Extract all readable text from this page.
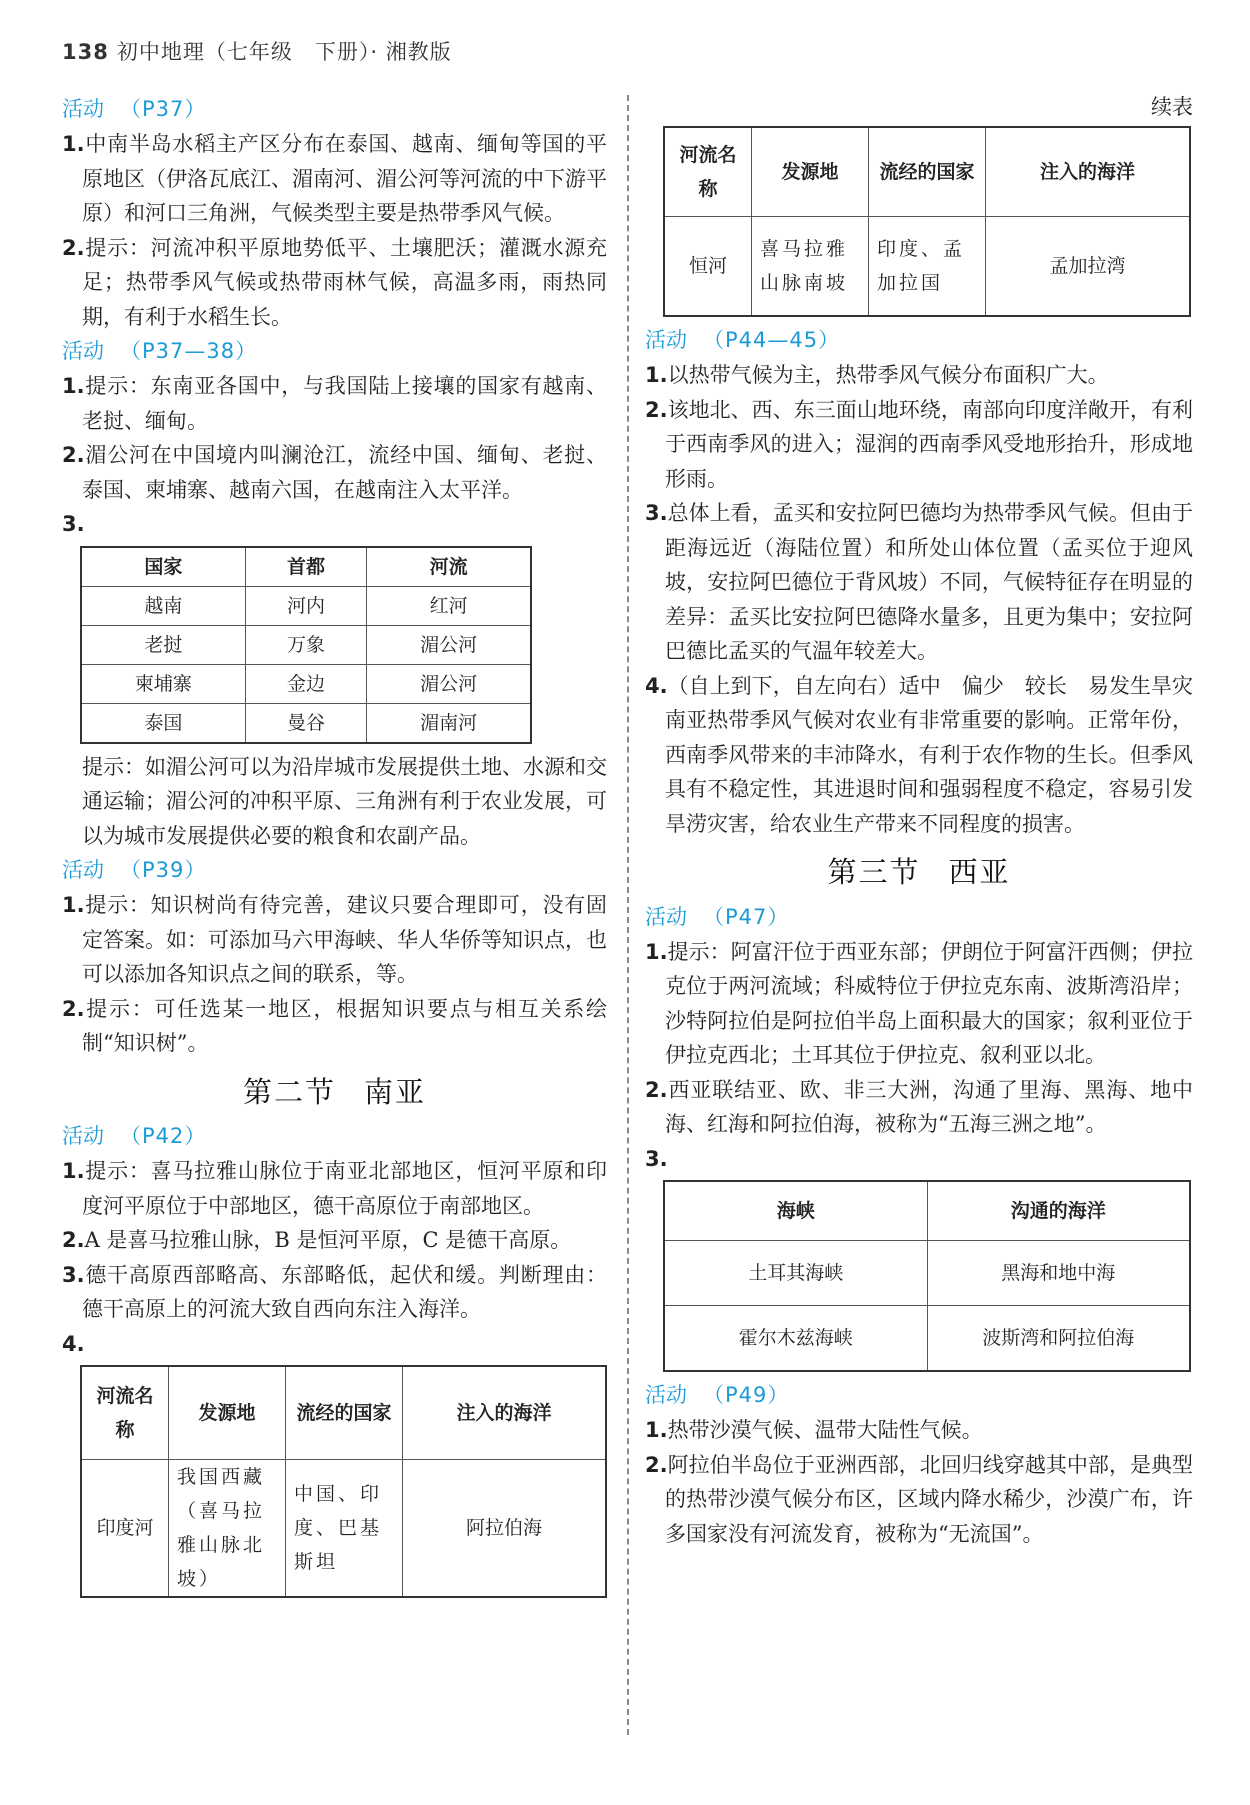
138 初中地理（七年级　下册）· 湘教版
活动 （P37）
1.中南半岛水稻主产区分布在泰国、越南、缅甸等国的平原地区（伊洛瓦底江、湄南河、湄公河等河流的中下游平原）和河口三角洲，气候类型主要是热带季风气候。
2.提示：河流冲积平原地势低平、土壤肥沃；灌溉水源充足；热带季风气候或热带雨林气候，高温多雨，雨热同期，有利于水稻生长。
活动 （P37—38）
1.提示：东南亚各国中，与我国陆上接壤的国家有越南、老挝、缅甸。
2.湄公河在中国境内叫澜沧江，流经中国、缅甸、老挝、泰国、柬埔寨、越南六国，在越南注入太平洋。
3.
国家	首都	河流
越南	河内	红河
老挝	万象	湄公河
柬埔寨	金边	湄公河
泰国	曼谷	湄南河
提示：如湄公河可以为沿岸城市发展提供土地、水源和交通运输；湄公河的冲积平原、三角洲有利于农业发展，可以为城市发展提供必要的粮食和农副产品。
活动 （P39）
1.提示：知识树尚有待完善，建议只要合理即可，没有固定答案。如：可添加马六甲海峡、华人华侨等知识点，也可以添加各知识点之间的联系，等。
2.提示：可任选某一地区，根据知识要点与相互关系绘制“知识树”。
第二节 南亚
活动 （P42）
1.提示：喜马拉雅山脉位于南亚北部地区，恒河平原和印度河平原位于中部地区，德干高原位于南部地区。
2.A 是喜马拉雅山脉，B 是恒河平原，C 是德干高原。
3.德干高原西部略高、东部略低，起伏和缓。判断理由：德干高原上的河流大致自西向东注入海洋。
4.
河流名称	发源地	流经的国家	注入的海洋
印度河	我国西藏（喜马拉雅山脉北坡）	中国、印度、巴基斯坦	阿拉伯海
续表
河流名称	发源地	流经的国家	注入的海洋
恒河	喜马拉雅山脉南坡	印度、孟加拉国	孟加拉湾
活动 （P44—45）
1.以热带气候为主，热带季风气候分布面积广大。
2.该地北、西、东三面山地环绕，南部向印度洋敞开，有利于西南季风的进入；湿润的西南季风受地形抬升，形成地形雨。
3.总体上看，孟买和安拉阿巴德均为热带季风气候。但由于距海远近（海陆位置）和所处山体位置（孟买位于迎风坡，安拉阿巴德位于背风坡）不同，气候特征存在明显的差异：孟买比安拉阿巴德降水量多，且更为集中；安拉阿巴德比孟买的气温年较差大。
4.（自上到下，自左向右）适中　偏少　较长　易发生旱灾　南亚热带季风气候对农业有非常重要的影响。正常年份，西南季风带来的丰沛降水，有利于农作物的生长。但季风具有不稳定性，其进退时间和强弱程度不稳定，容易引发旱涝灾害，给农业生产带来不同程度的损害。
第三节 西亚
活动 （P47）
1.提示：阿富汗位于西亚东部；伊朗位于阿富汗西侧；伊拉克位于两河流域；科威特位于伊拉克东南、波斯湾沿岸；沙特阿拉伯是阿拉伯半岛上面积最大的国家；叙利亚位于伊拉克西北；土耳其位于伊拉克、叙利亚以北。
2.西亚联结亚、欧、非三大洲，沟通了里海、黑海、地中海、红海和阿拉伯海，被称为“五海三洲之地”。
3.
海峡	沟通的海洋
土耳其海峡	黑海和地中海
霍尔木兹海峡	波斯湾和阿拉伯海
活动 （P49）
1.热带沙漠气候、温带大陆性气候。
2.阿拉伯半岛位于亚洲西部，北回归线穿越其中部，是典型的热带沙漠气候分布区，区域内降水稀少，沙漠广布，许多国家没有河流发育，被称为“无流国”。
